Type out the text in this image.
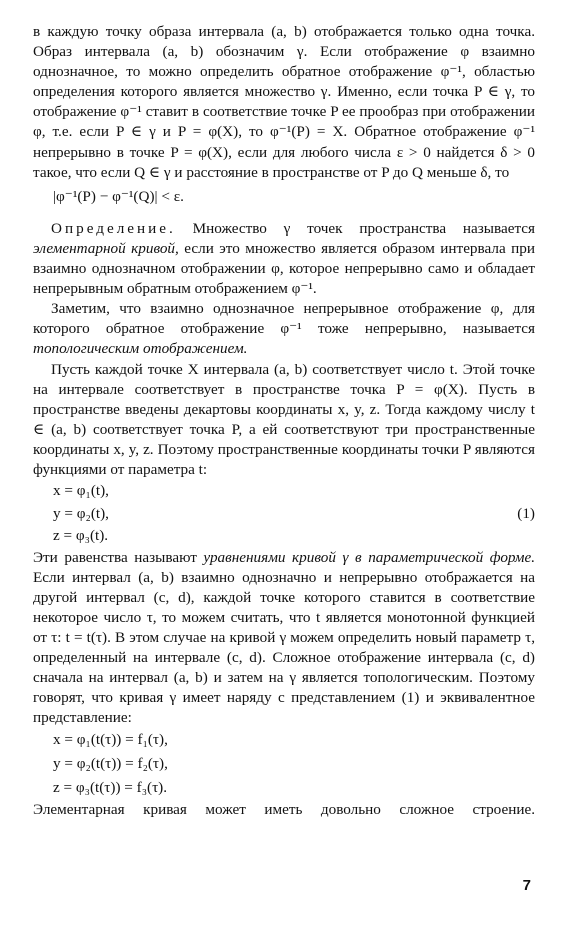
в каждую точку образа интервала (a, b) отображается только одна точка. Образ интервала (a, b) обозначим γ. Если отображение φ взаимно однозначное, то можно определить обратное отображение φ⁻¹, областью определения которого является множество γ. Именно, если точка P ∈ γ, то отображение φ⁻¹ ставит в соответствие точке P ее прообраз при отображении φ, т.е. если P ∈ γ и P = φ(X), то φ⁻¹(P) = X. Обратное отображение φ⁻¹ непрерывно в точке P = φ(X), если для любого числа ε > 0 найдется δ > 0 такое, что если Q ∈ γ и расстояние в пространстве от P до Q меньше δ, то

|φ⁻¹(P) − φ⁻¹(Q)| < ε.

Определение. Множество γ точек пространства называется элементарной кривой, если это множество является образом интервала при взаимно однозначном отображении φ, которое непрерывно само и обладает непрерывным обратным отображением φ⁻¹.

Заметим, что взаимно однозначное непрерывное отображение φ, для которого обратное отображение φ⁻¹ тоже непрерывно, называется топологическим отображением.

Пусть каждой точке X интервала (a, b) соответствует число t. Этой точке на интервале соответствует в пространстве точка P = φ(X). Пусть в пространстве введены декартовы координаты x, y, z. Тогда каждому числу t ∈ (a, b) соответствует точка P, а ей соответствуют три пространственные координаты x, y, z. Поэтому пространственные координаты точки P являются функциями от параметра t:

x = φ₁(t),
y = φ₂(t),
z = φ₃(t).
(1)

Эти равенства называют уравнениями кривой γ в параметрической форме. Если интервал (a, b) взаимно однозначно и непрерывно отображается на другой интервал (c, d), каждой точке которого ставится в соответствие некоторое число τ, то можем считать, что t является монотонной функцией от τ: t = t(τ). В этом случае на кривой γ можем определить новый параметр τ, определенный на интервале (c, d). Сложное отображение интервала (c, d) сначала на интервал (a, b) и затем на γ является топологическим. Поэтому говорят, что кривая γ имеет наряду с представлением (1) и эквивалентное представление:

x = φ₁(t(τ)) = f₁(τ),
y = φ₂(t(τ)) = f₂(τ),
z = φ₃(t(τ)) = f₃(τ).

Элементарная кривая может иметь довольно сложное строение.

7
